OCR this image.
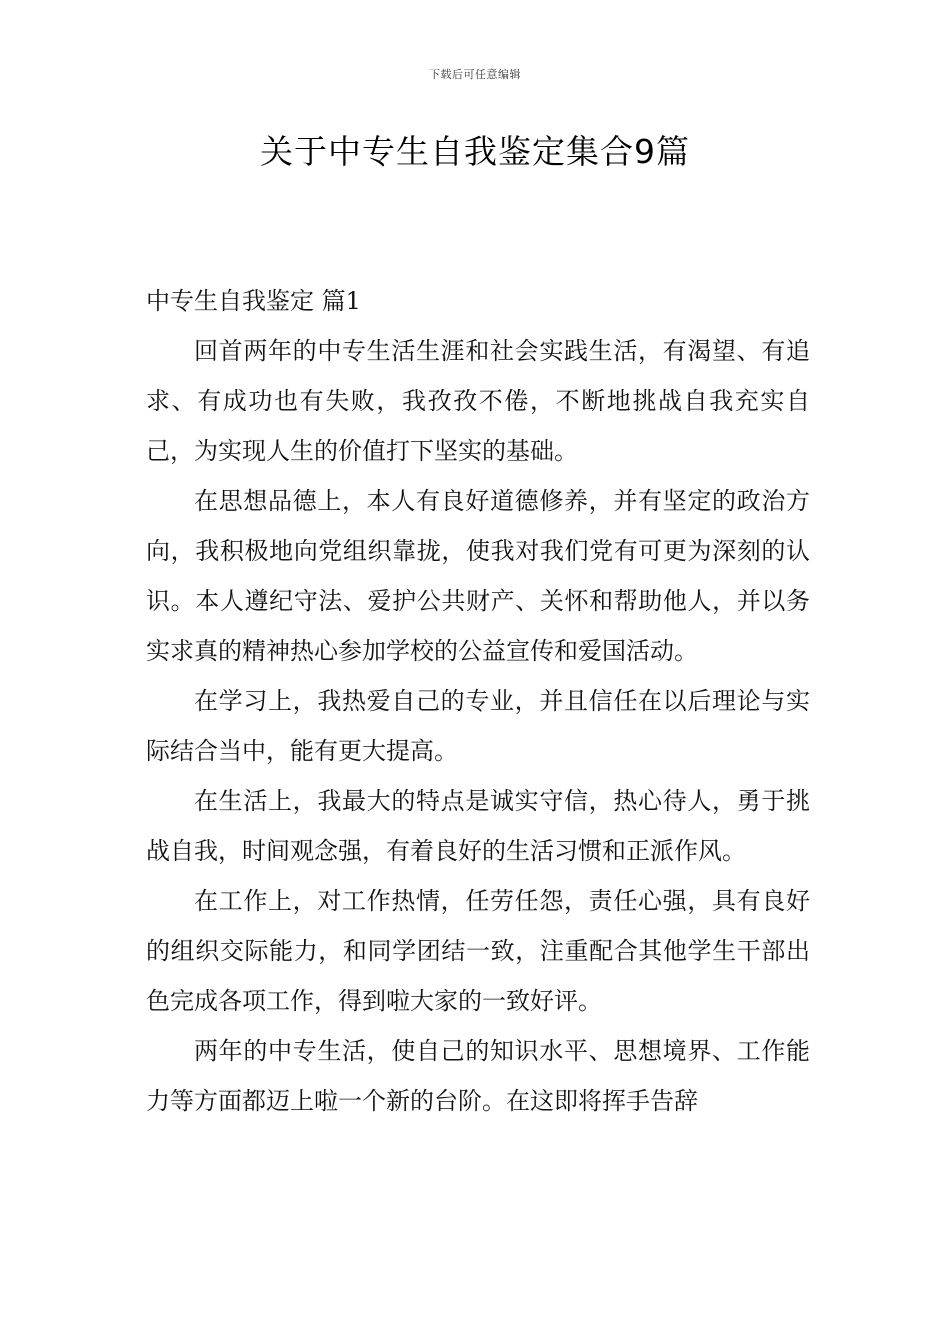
下载后可任意编辑
关于中专生自我鉴定集合9篇
中专生自我鉴定 篇1

回首两年的中专生活生涯和社会实践生活，有渴望、有追求、有成功也有失败，我孜孜不倦，不断地挑战自我充实自己，为实现人生的价值打下坚实的基础。

在思想品德上，本人有良好道德修养，并有坚定的政治方向，我积极地向党组织靠拢，使我对我们党有可更为深刻的认识。本人遵纪守法、爱护公共财产、关怀和帮助他人，并以务实求真的精神热心参加学校的公益宣传和爱国活动。

在学习上，我热爱自己的专业，并且信任在以后理论与实际结合当中，能有更大提高。

在生活上，我最大的特点是诚实守信，热心待人，勇于挑战自我，时间观念强，有着良好的生活习惯和正派作风。

在工作上，对工作热情，任劳任怨，责任心强，具有良好的组织交际能力，和同学团结一致，注重配合其他学生干部出色完成各项工作，得到啦大家的一致好评。

两年的中专生活，使自己的知识水平、思想境界、工作能力等方面都迈上啦一个新的台阶。在这即将挥手告辞
